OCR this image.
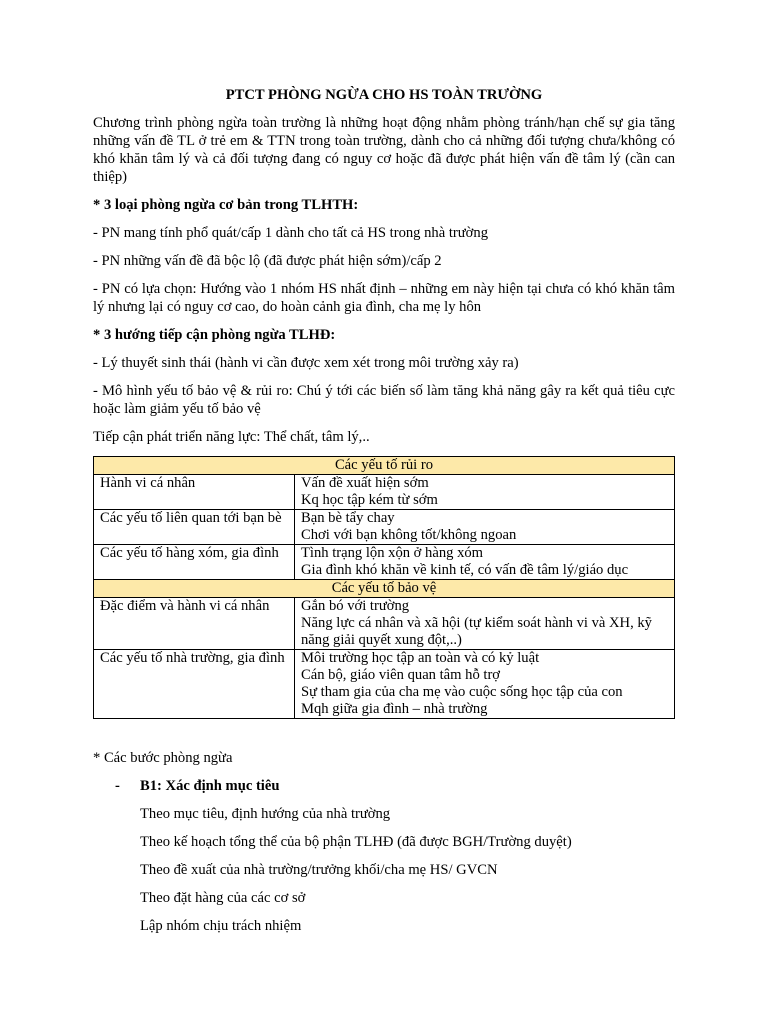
PTCT PHÒNG NGỪA CHO HS TOÀN TRƯỜNG

Chương trình phòng ngừa toàn trường là những hoạt động nhằm phòng tránh/hạn chế sự gia tăng những vấn đề TL ở trẻ em & TTN trong toàn trường, dành cho cả những đối tượng chưa/không có khó khăn tâm lý và cả đối tượng đang có nguy cơ hoặc đã được phát hiện vấn đề tâm lý (cần can thiệp)

* 3 loại phòng ngừa cơ bản trong TLHTH:

- PN mang tính phổ quát/cấp 1 dành cho tất cả HS trong nhà trường

- PN những vấn đề đã bộc lộ (đã được phát hiện sớm)/cấp 2

- PN có lựa chọn: Hướng vào 1 nhóm HS nhất định – những em này hiện tại chưa có khó khăn tâm lý nhưng lại có nguy cơ cao, do hoàn cảnh gia đình, cha mẹ ly hôn

* 3 hướng tiếp cận phòng ngừa TLHĐ:

- Lý thuyết sinh thái (hành vi cần được xem xét trong môi trường xảy ra)

- Mô hình yếu tố bảo vệ & rủi ro: Chú ý tới các biến số làm tăng khả năng gây ra kết quả tiêu cực hoặc làm giảm yếu tố bảo vệ

Tiếp cận phát triển năng lực: Thể chất, tâm lý,..

Các yếu tố rủi ro	
Hành vi cá nhân	Vấn đề xuất hiện sớm
Kq học tập kém từ sớm

Các yếu tố liên quan tới bạn bè	Bạn bè tẩy chay
Chơi với bạn không tốt/không ngoan

Các yếu tố hàng xóm, gia đình	Tình trạng lộn xộn ở hàng xóm
Gia đình khó khăn về kinh tế, có vấn đề tâm lý/giáo dục

Các yếu tố bảo vệ	
Đặc điểm và hành vi cá nhân	Gắn bó với trường
Năng lực cá nhân và xã hội (tự kiểm soát hành vi và XH, kỹ năng giải quyết xung đột,..)

Các yếu tố nhà trường, gia đình	Môi trường học tập an toàn và có kỷ luật
Cán bộ, giáo viên quan tâm hỗ trợ
Sự tham gia của cha mẹ vào cuộc sống học tập của con
Mqh giữa gia đình – nhà trường

* Các bước phòng ngừa

- B1: Xác định mục tiêu

Theo mục tiêu, định hướng của nhà trường

Theo kế hoạch tổng thể của bộ phận TLHĐ (đã được BGH/Trường duyệt)

Theo đề xuất của nhà trường/trưởng khối/cha mẹ HS/ GVCN

Theo đặt hàng của các cơ sở

Lập nhóm chịu trách nhiệm
